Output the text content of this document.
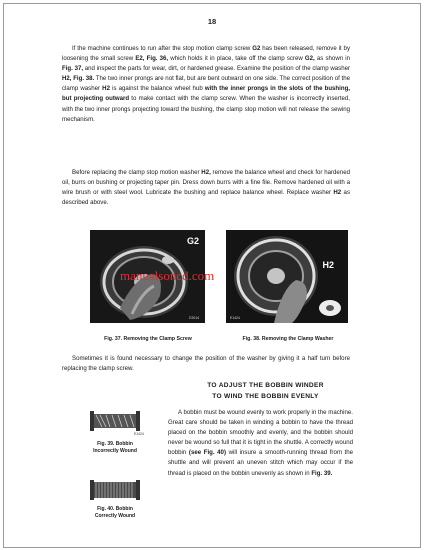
18
If the machine continues to run after the stop motion clamp screw G2 has been released, remove it by loosening the small screw E2, Fig. 36, which holds it in place, take off the clamp screw G2, as shown in Fig. 37, and inspect the parts for wear, dirt, or hardened grease. Examine the position of the clamp washer H2, Fig. 38. The two inner prongs are not flat, but are bent outward on one side. The correct position of the clamp washer H2 is against the balance wheel hub with the inner prongs in the slots of the bushing, but projecting outward to make contact with the clamp screw. When the washer is incorrectly inserted, with the two inner prongs projecting toward the bushing, the clamp stop motion will not release the sewing mechanism.
Before replacing the clamp stop motion washer H2, remove the balance wheel and check for hardened oil, burrs on bushing or projecting taper pin. Dress down burrs with a fine file. Remove hardened oil with a wire brush or with steel wool. Lubricate the bushing and replace balance wheel. Replace washer H2 as described above.
G2
E2014
Fig. 37. Removing the Clamp Screw
H2
E1424
Fig. 38. Removing the Clamp Washer
manualsoncd.com
Sometimes it is found necessary to change the position of the washer by giving it a half turn before replacing the clamp screw.
TO ADJUST THE BOBBIN WINDER
TO WIND THE BOBBIN EVENLY
A bobbin must be wound evenly to work properly in the machine. Great care should be taken in winding a bobbin to have the thread placed on the bobbin smoothly and evenly, and the bobbin should never be wound so full that it is tight in the shuttle. A correctly wound bobbin (see Fig. 40) will insure a smooth-running thread from the shuttle and will prevent an uneven stitch which may occur if the thread is placed on the bobbin unevenly as shown in Fig. 39.
E1424
Fig. 39. Bobbin
Incorrectly Wound
Fig. 40. Bobbin
Correctly Wound
